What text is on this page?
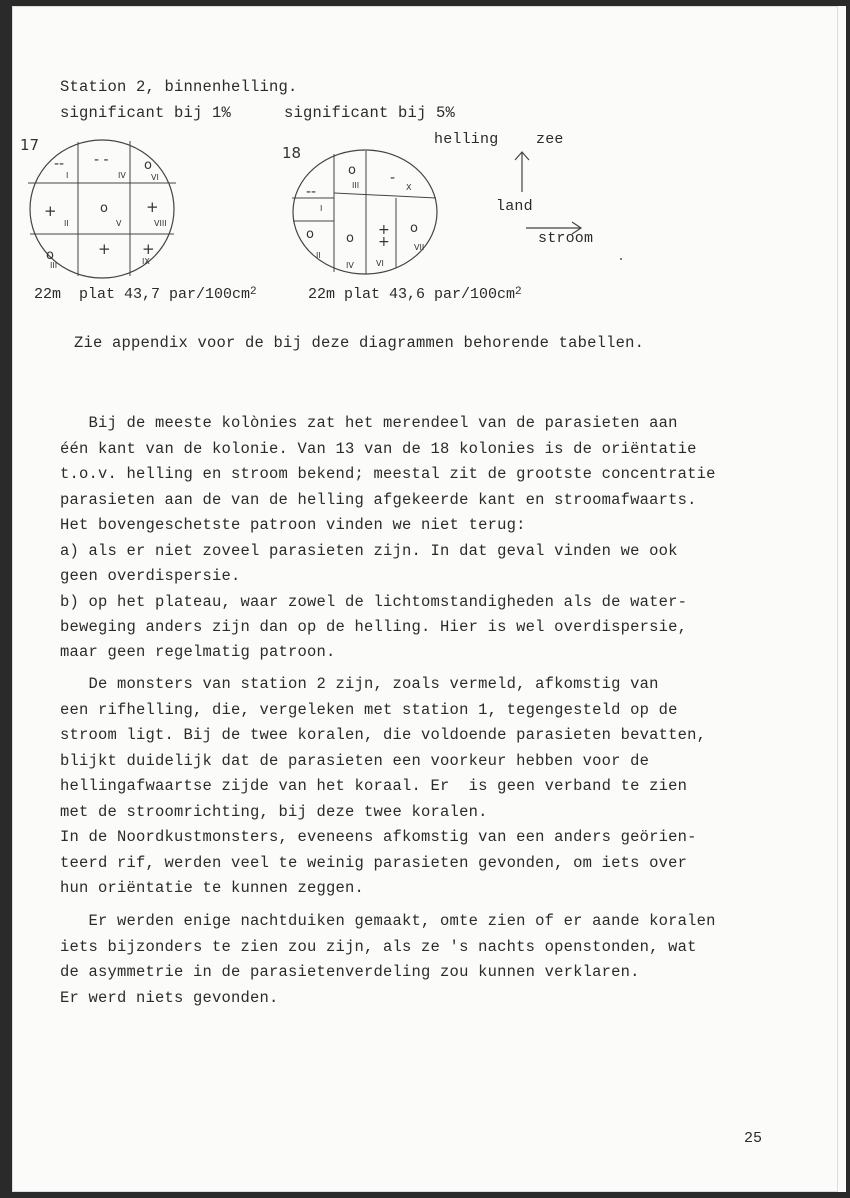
Station 2, binnenhelling.
significant bij 1%	significant bij 5%
17
--
I
- -	o
VI
IV
+
II
o
V
+
VIII
o
III
+ +
IX
22m  plat 43,7 par/$100cm^2$
18
o
III -
X
--
I
o
II
o
IV
+
+
VI
o
VII
22m plat 43,6 par/$100cm^2$
helling	zee
land
stroom
Zie appendix voor de bij deze diagrammen behorende tabellen.
Bij de meeste kolònies zat het merendeel van de parasieten aan
één kant van de kolonie. Van 13 van de 18 kolonies is de oriëntatie
t.o.v. helling en stroom bekend; meestal zit de grootste concentratie
parasieten aan de van de helling afgekeerde kant en stroomafwaarts.
Het bovengeschetste patroon vinden we niet terug:
a) als er niet zoveel parasieten zijn. In dat geval vinden we ook
geen overdispersie.
b) op het plateau, waar zowel de lichtomstandigheden als de water-
beweging anders zijn dan op de helling. Hier is wel overdispersie,
maar geen regelmatig patroon.
De monsters van station 2 zijn, zoals vermeld, afkomstig van
een rifhelling, die, vergeleken met station 1, tegengesteld op de
stroom ligt. Bij de twee koralen, die voldoende parasieten bevatten,
blijkt duidelijk dat de parasieten een voorkeur hebben voor de
hellingafwaartse zijde van het koraal. Er  is geen verband te zien
met de stroomrichting, bij deze twee koralen.
In de Noordkustmonsters, eveneens afkomstig van een anders geörien-
teerd rif, werden veel te weinig parasieten gevonden, om iets over
hun oriëntatie te kunnen zeggen.
Er werden enige nachtduiken gemaakt, omte zien of er aande koralen
iets bijzonders te zien zou zijn, als ze 's nachts openstonden, wat
de asymmetrie in de parasietenverdeling zou kunnen verklaren.
Er werd niets gevonden.
25
